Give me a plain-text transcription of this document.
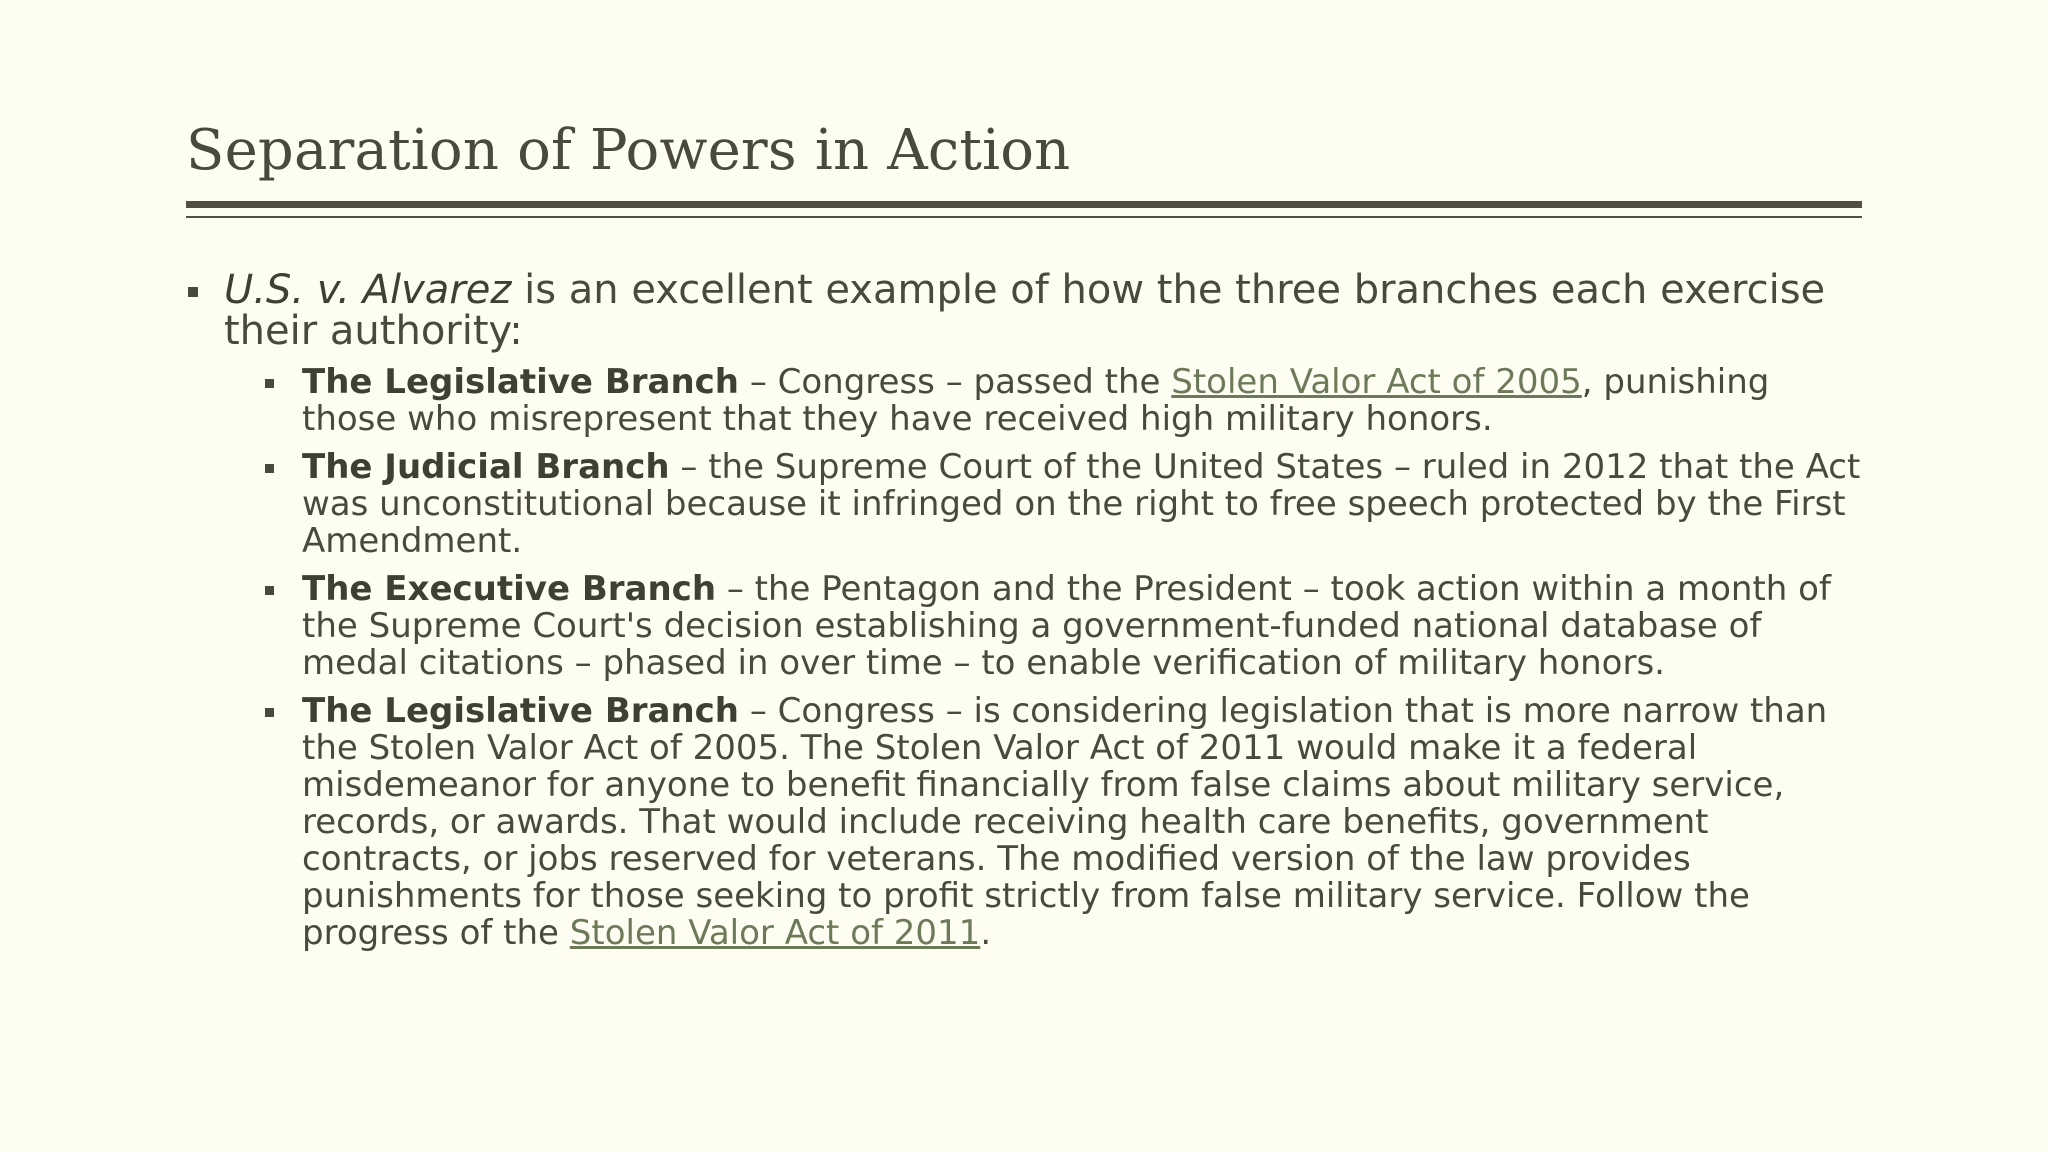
Separation of Powers in Action
U.S. v. Alvarez is an excellent example of how the three branches each exercise their authority:
The Legislative Branch – Congress – passed the Stolen Valor Act of 2005, punishing those who misrepresent that they have received high military honors.
The Judicial Branch – the Supreme Court of the United States – ruled in 2012 that the Act was unconstitutional because it infringed on the right to free speech protected by the First Amendment.
The Executive Branch – the Pentagon and the President – took action within a month of the Supreme Court's decision establishing a government-funded national database of medal citations – phased in over time – to enable verification of military honors.
The Legislative Branch – Congress – is considering legislation that is more narrow than the Stolen Valor Act of 2005. The Stolen Valor Act of 2011 would make it a federal misdemeanor for anyone to benefit financially from false claims about military service, records, or awards. That would include receiving health care benefits, government contracts, or jobs reserved for veterans. The modified version of the law provides punishments for those seeking to profit strictly from false military service. Follow the progress of the Stolen Valor Act of 2011.
